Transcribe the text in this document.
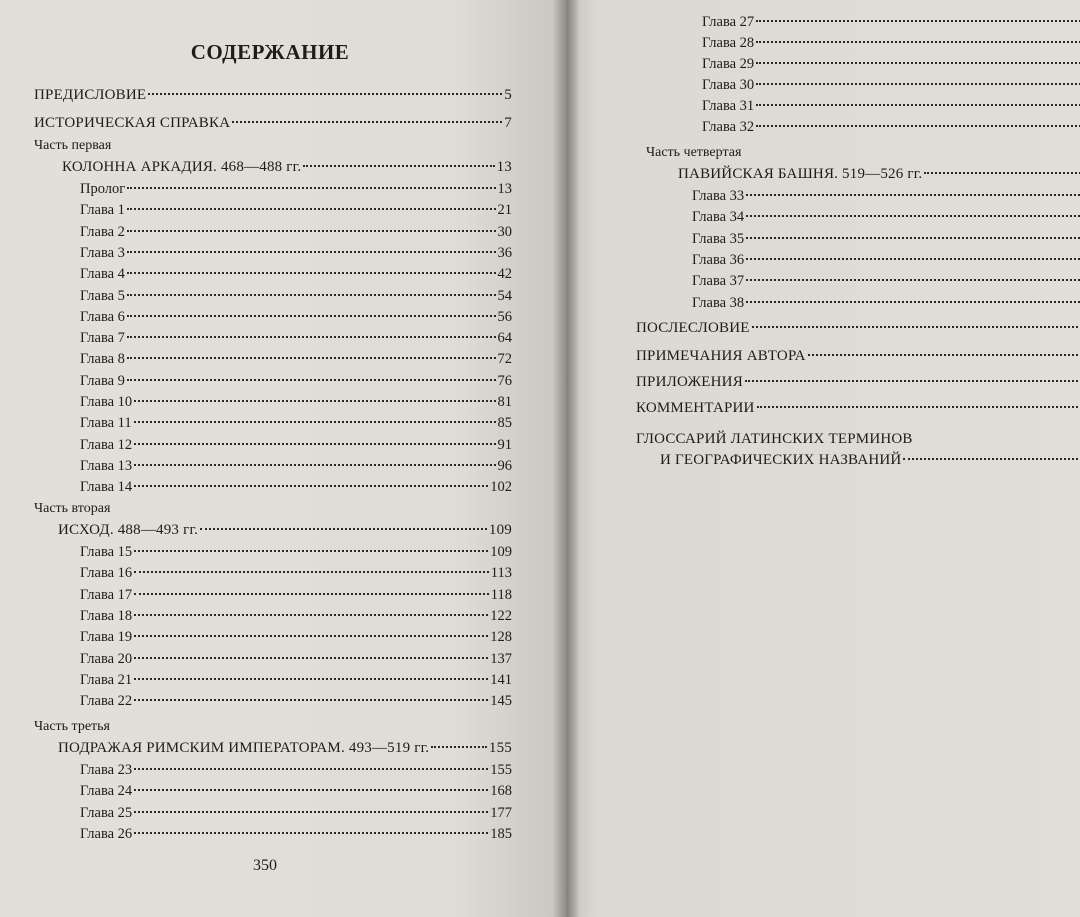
СОДЕРЖАНИЕ
ПРЕДИСЛОВИЕ	5
ИСТОРИЧЕСКАЯ СПРАВКА	7
Часть первая
КОЛОННА АРКАДИЯ. 468—488 гг.	13
Пролог	13
Глава 1	21
Глава 2	30
Глава 3	36
Глава 4	42
Глава 5	54
Глава 6	56
Глава 7	64
Глава 8	72
Глава 9	76
Глава 10	81
Глава 11	85
Глава 12	91
Глава 13	96
Глава 14	102
Часть вторая
ИСХОД. 488—493 гг.	109
Глава 15	109
Глава 16	113
Глава 17	118
Глава 18	122
Глава 19	128
Глава 20	137
Глава 21	141
Глава 22	145
Часть третья
ПОДРАЖАЯ РИМСКИМ ИМПЕРАТОРАМ. 493—519 гг.	155
Глава 23	155
Глава 24	168
Глава 25	177
Глава 26	185
350
Глава 27
Глава 28
Глава 29
Глава 30
Глава 31
Глава 32
Часть четвертая
ПАВИЙСКАЯ БАШНЯ. 519—526 гг.
Глава 33
Глава 34
Глава 35
Глава 36
Глава 37
Глава 38
ПОСЛЕСЛОВИЕ
ПРИМЕЧАНИЯ АВТОРА
ПРИЛОЖЕНИЯ
КОММЕНТАРИИ
ГЛОССАРИЙ ЛАТИНСКИХ ТЕРМИНОВ
И ГЕОГРАФИЧЕСКИХ НАЗВАНИЙ
